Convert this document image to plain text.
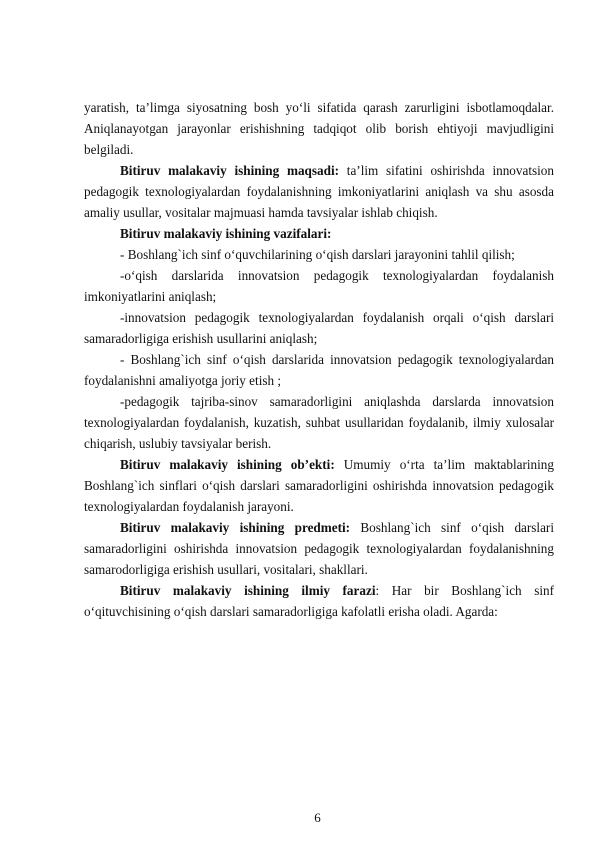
yaratish, ta’limga siyosatning bosh yo‘li sifatida qarash zarurligini isbotlamoqdalar. Aniqlanayotgan jarayonlar erishishning tadqiqot olib borish ehtiyoji mavjudligini belgiladi.

Bitiruv malakaviy ishining maqsadi: ta’lim sifatini oshirishda innovatsion pedagogik texnologiyalardan foydalanishning imkoniyatlarini aniqlash va shu asosda amaliy usullar, vositalar majmuasi hamda tavsiyalar ishlab chiqish.

Bitiruv malakaviy ishining vazifalari:

- Boshlang`ich sinf o‘quvchilarining o‘qish darslari jarayonini tahlil qilish;

-o‘qish darslarida innovatsion pedagogik texnologiyalardan foydalanish imkoniyatlarini aniqlash;

-innovatsion pedagogik texnologiyalardan foydalanish orqali o‘qish darslari samaradorligiga erishish usullarini aniqlash;

- Boshlang`ich sinf o‘qish darslarida innovatsion pedagogik texnologiyalardan foydalanishni amaliyotga joriy etish ;

-pedagogik tajriba-sinov samaradorligini aniqlashda darslarda innovatsion texnologiyalardan foydalanish, kuzatish, suhbat usullaridan foydalanib, ilmiy xulosalar chiqarish, uslubiy tavsiyalar berish.

Bitiruv malakaviy ishining ob’ekti: Umumiy o‘rta ta’lim maktablarining Boshlang`ich sinflari o‘qish darslari samaradorligini oshirishda innovatsion pedagogik texnologiyalardan foydalanish jarayoni.

Bitiruv malakaviy ishining predmeti: Boshlang`ich sinf o‘qish darslari samaradorligini oshirishda innovatsion pedagogik texnologiyalardan foydalanishning samarodorligiga erishish usullari, vositalari, shakllari.

Bitiruv malakaviy ishining ilmiy farazi: Har bir Boshlang`ich sinf o‘qituvchisining o‘qish darslari samaradorligiga kafolatli erisha oladi. Agarda:

6
